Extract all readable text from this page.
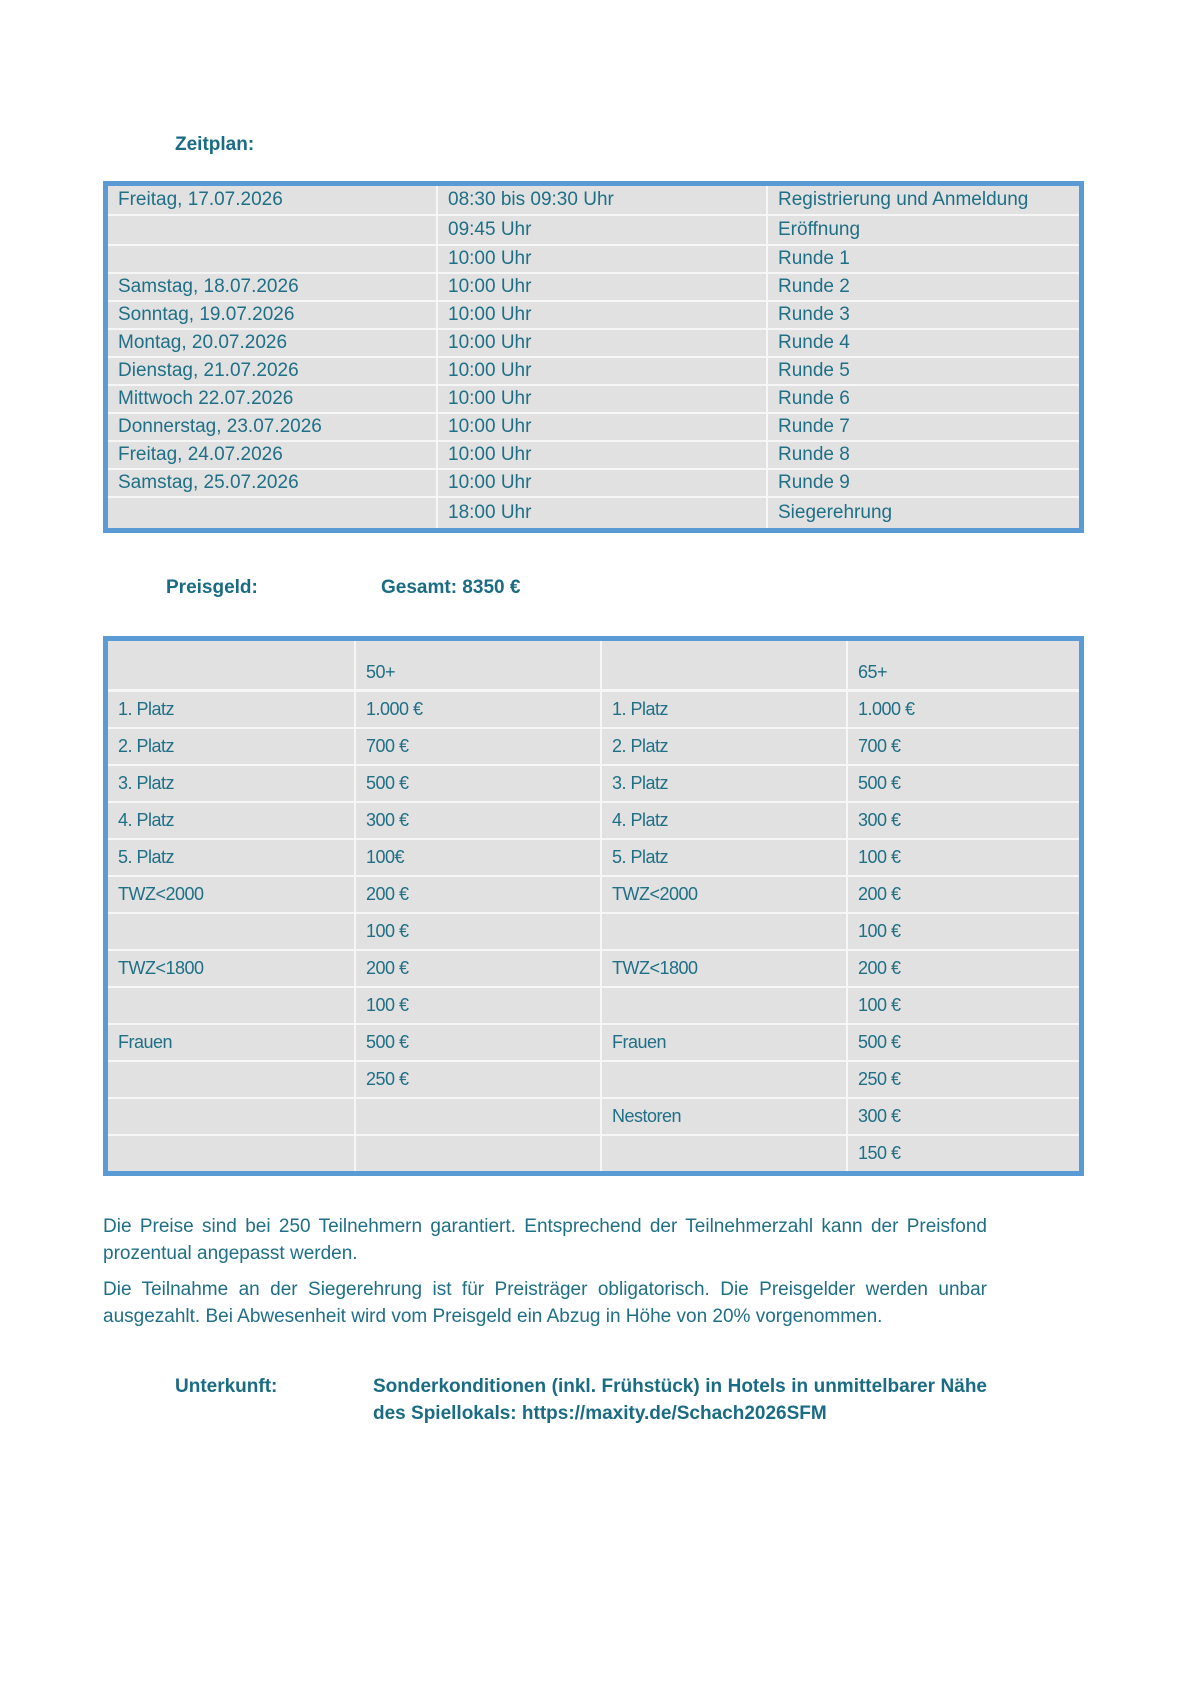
Zeitplan:
Freitag, 17.07.2026	08:30 bis 09:30 Uhr	Registrierung und Anmeldung
	09:45 Uhr	Eröffnung
	10:00 Uhr	Runde 1
Samstag, 18.07.2026	10:00 Uhr	Runde 2
Sonntag, 19.07.2026	10:00 Uhr	Runde 3
Montag, 20.07.2026	10:00 Uhr	Runde 4
Dienstag, 21.07.2026	10:00 Uhr	Runde 5
Mittwoch 22.07.2026	10:00 Uhr	Runde 6
Donnerstag, 23.07.2026	10:00 Uhr	Runde 7
Freitag, 24.07.2026	10:00 Uhr	Runde 8
Samstag, 25.07.2026	10:00 Uhr	Runde 9
	18:00 Uhr	Siegerehrung
Preisgeld:	Gesamt: 8350 €
	50+		65+
1. Platz	1.000 €	1. Platz	1.000 €
2. Platz	700 €	2. Platz	700 €
3. Platz	500 €	3. Platz	500 €
4. Platz	300 €	4. Platz	300 €
5. Platz	100€	5. Platz	100 €
TWZ<2000	200 €	TWZ<2000	200 €
	100 €		100 €
TWZ<1800	200 €	TWZ<1800	200 €
	100 €		100 €
Frauen	500 €	Frauen	500 €
	250 €		250 €
		Nestoren	300 €
			150 €

Die Preise sind bei 250 Teilnehmern garantiert. Entsprechend der Teilnehmerzahl kann der Preisfond prozentual angepasst werden.

Die Teilnahme an der Siegerehrung ist für Preisträger obligatorisch. Die Preisgelder werden unbar ausgezahlt. Bei Abwesenheit wird vom Preisgeld ein Abzug in Höhe von 20% vorgenommen.

Unterkunft:	Sonderkonditionen (inkl. Frühstück) in Hotels in unmittelbarer Nähe des Spiellokals: https://maxity.de/Schach2026SFM
